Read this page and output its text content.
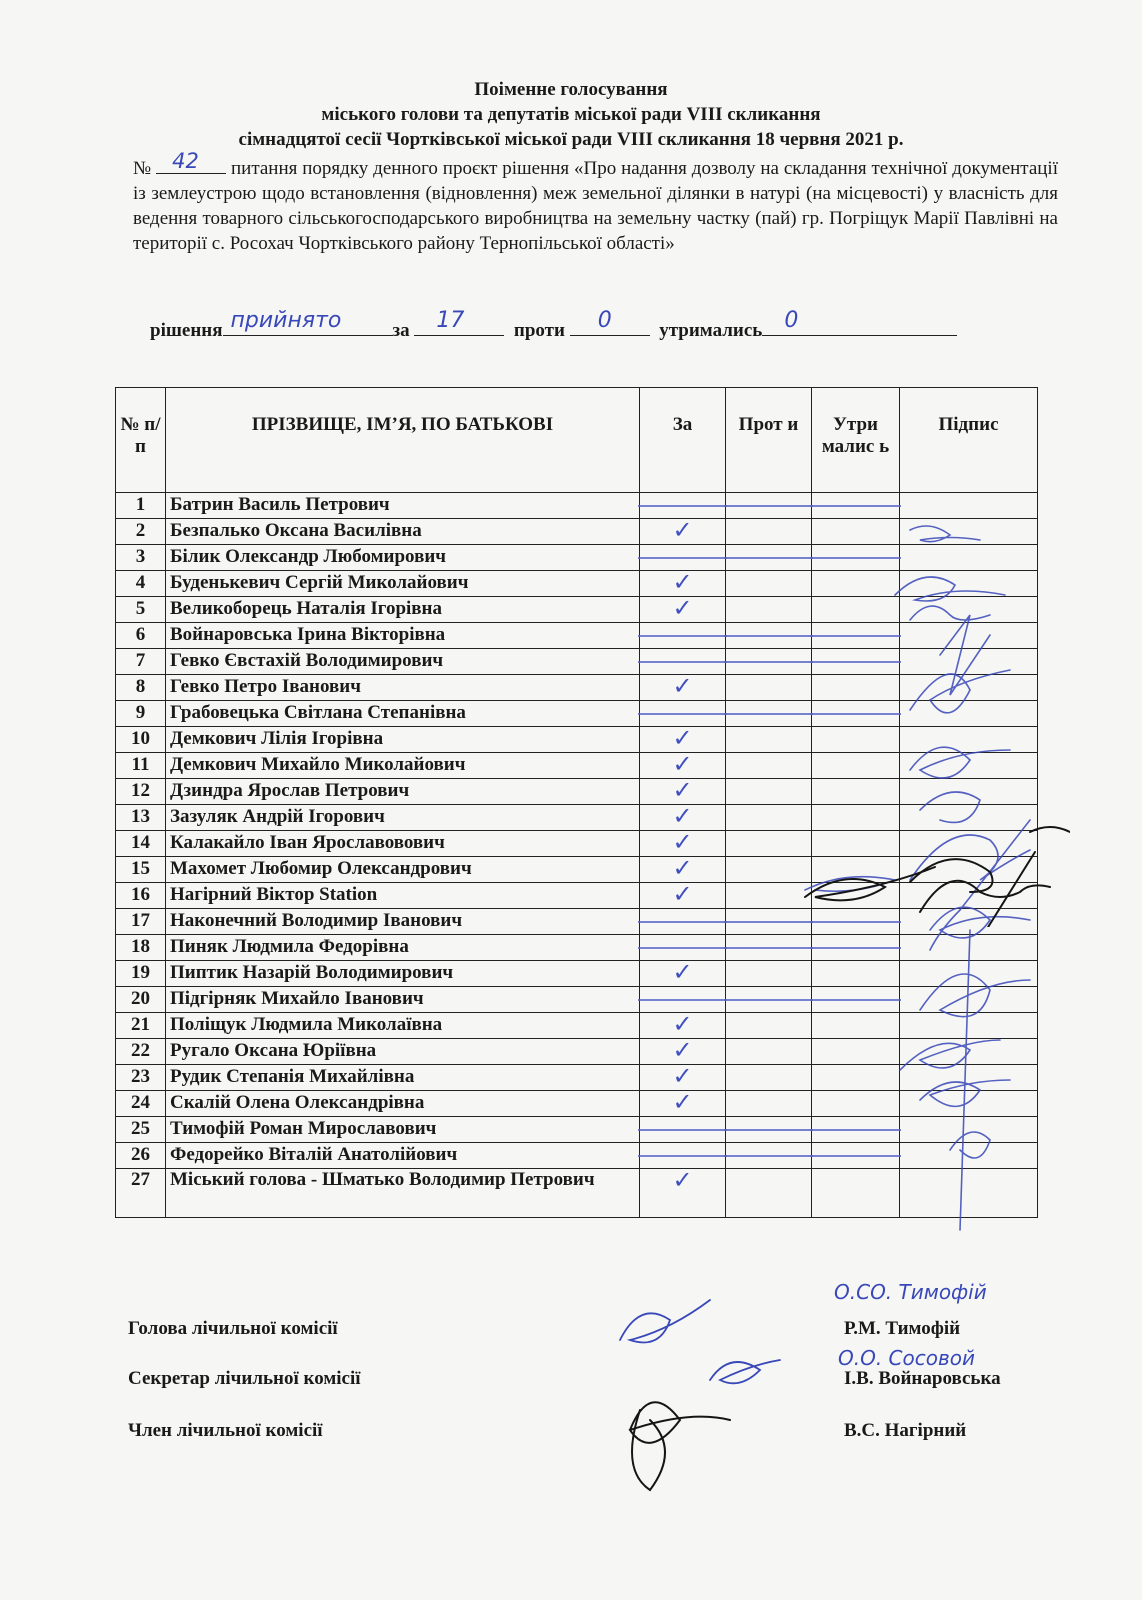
Поіменне голосування
міського голови та депутатів міської ради VIII скликання
сімнадцятої сесії Чортківської міської ради VIII скликання 18 червня 2021 р.
№ 42 питання порядку денного проєкт рішення «Про надання дозволу на складання технічної документації із землеустрою щодо встановлення (відновлення) меж земельної ділянки в натурі (на місцевості) у власність для ведення товарного сільськогосподарського виробництва на земельну частку (пай) гр. Погріщук Марії Павлівні на території с. Росохач Чортківського району Тернопільської області»
рішення прийнято	за 17	проти 0	утримались 0
№ п/п	ПРІЗВИЩЕ, ІМ’Я, ПО БАТЬКОВІ	За	Прот и	Утри малис ь	Підпис
1	Батрин Василь Петрович	

2	Безпалько Оксана Василівна	✓			

3	Білик Олександр Любомирович	

4	Буденькевич Сергій Миколайович	✓			

5	Великоборець Наталія Ігорівна	✓			

6	Войнаровська Ірина Вікторівна	

7	Гевко Євстахій Володимирович	

8	Гевко Петро Іванович	✓			

9	Грабовецька Світлана Степанівна	

10	Демкович Лілія Ігорівна	✓			

11	Демкович Михайло Миколайович	✓			

12	Дзиндра Ярослав Петрович	✓			

13	Зазуляк Андрій Ігорович	✓			

14	Калакайло Іван Ярославовович	✓			

15	Махомет Любомир Олександрович	✓			

16	Нагірний Віктор Station	✓			

17	Наконечний Володимир Іванович	

18	Пиняк Людмила Федорівна	

19	Пиптик Назарій Володимирович	✓			

20	Підгірняк Михайло Іванович	

21	Поліщук Людмила Миколаївна	✓			

22	Ругало Оксана Юріївна	✓			

23	Рудик Степанія Михайлівна	✓			

24	Скалій Олена Олександрівна	✓			

25	Тимофій Роман Мирославович	

26	Федорейко Віталій Анатолійович	

27	Міський голова - Шматько Володимир Петрович	✓			

Голова лічильної комісії	Р.М. Тимофій
О.СО. Тимофій
Секретар лічильної комісії	І.В. Войнаровська
О.О. Сосовой
Член лічильної комісії	В.С. Нагірний
